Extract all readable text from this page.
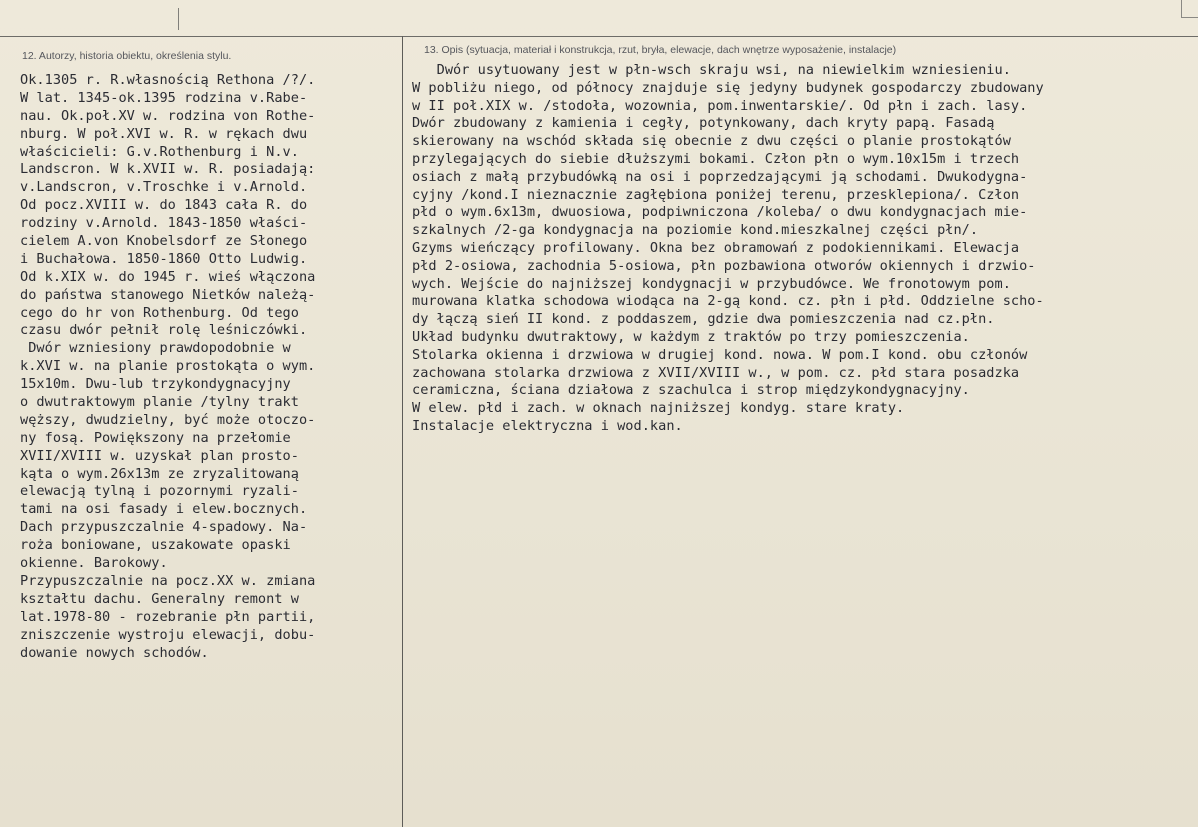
12. Autorzy, historia obiektu, określenia stylu.	13. Opis (sytuacja, materiał i konstrukcja, rzut, bryła, elewacje, dach wnętrze wyposażenie, instalacje)
Ok.1305 r. R.własnością Rethona /?/.
W lat. 1345-ok.1395 rodzina v.Rabe-
nau. Ok.poł.XV w. rodzina von Rothe-
nburg. W poł.XVI w. R. w rękach dwu
właścicieli: G.v.Rothenburg i N.v.
Landscron. W k.XVII w. R. posiadają:
v.Landscron, v.Troschke i v.Arnold.
Od pocz.XVIII w. do 1843 cała R. do
rodziny v.Arnold. 1843-1850 właści-
cielem A.von Knobelsdorf ze Słonego
i Buchałowa. 1850-1860 Otto Ludwig.
Od k.XIX w. do 1945 r. wieś włączona
do państwa stanowego Nietków należą-
cego do hr von Rothenburg. Od tego
czasu dwór pełnił rolę leśniczówki.
Dwór wzniesiony prawdopodobnie w
k.XVI w. na planie prostokąta o wym.
15x10m. Dwu-lub trzykondygnacyjny
o dwutraktowym planie /tylny trakt
węższy, dwudzielny, być może otoczo-
ny fosą. Powiększony na przełomie
XVII/XVIII w. uzyskał plan prosto-
kąta o wym.26x13m ze zryzalitowaną
elewacją tylną i pozornymi ryzali-
tami na osi fasady i elew.bocznych.
Dach przypuszczalnie 4-spadowy. Na-
roża boniowane, uszakowate opaski
okienne. Barokowy.
Przypuszczalnie na pocz.XX w. zmiana
kształtu dachu. Generalny remont w
lat.1978-80 - rozebranie płn partii,
zniszczenie wystroju elewacji, dobu-
dowanie nowych schodów.
Dwór usytuowany jest w płn-wsch skraju wsi, na niewielkim wzniesieniu.
W pobliżu niego, od północy znajduje się jedyny budynek gospodarczy zbudowany
w II poł.XIX w. /stodoła, wozownia, pom.inwentarskie/. Od płn i zach. lasy.
Dwór zbudowany z kamienia i cegły, potynkowany, dach kryty papą. Fasadą
skierowany na wschód składa się obecnie z dwu części o planie prostokątów
przylegających do siebie dłuższymi bokami. Człon płn o wym.10x15m i trzech
osiach z małą przybudówką na osi i poprzedzającymi ją schodami. Dwukodygna-
cyjny /kond.I nieznacznie zagłębiona poniżej terenu, przesklepiona/. Człon
płd o wym.6x13m, dwuosiowa, podpiwniczona /koleba/ o dwu kondygnacjach mie-
szkalnych /2-ga kondygnacja na poziomie kond.mieszkalnej części płn/.
Gzyms wieńczący profilowany. Okna bez obramowań z podokiennikami. Elewacja
płd 2-osiowa, zachodnia 5-osiowa, płn pozbawiona otworów okiennych i drzwio-
wych. Wejście do najniższej kondygnacji w przybudówce. We fronotowym pom.
murowana klatka schodowa wiodąca na 2-gą kond. cz. płn i płd. Oddzielne scho-
dy łączą sień II kond. z poddaszem, gdzie dwa pomieszczenia nad cz.płn.
Układ budynku dwutraktowy, w każdym z traktów po trzy pomieszczenia.
Stolarka okienna i drzwiowa w drugiej kond. nowa. W pom.I kond. obu członów
zachowana stolarka drzwiowa z XVII/XVIII w., w pom. cz. płd stara posadzka
ceramiczna, ściana działowa z szachulca i strop międzykondygnacyjny.
W elew. płd i zach. w oknach najniższej kondyg. stare kraty.
Instalacje elektryczna i wod.kan.
